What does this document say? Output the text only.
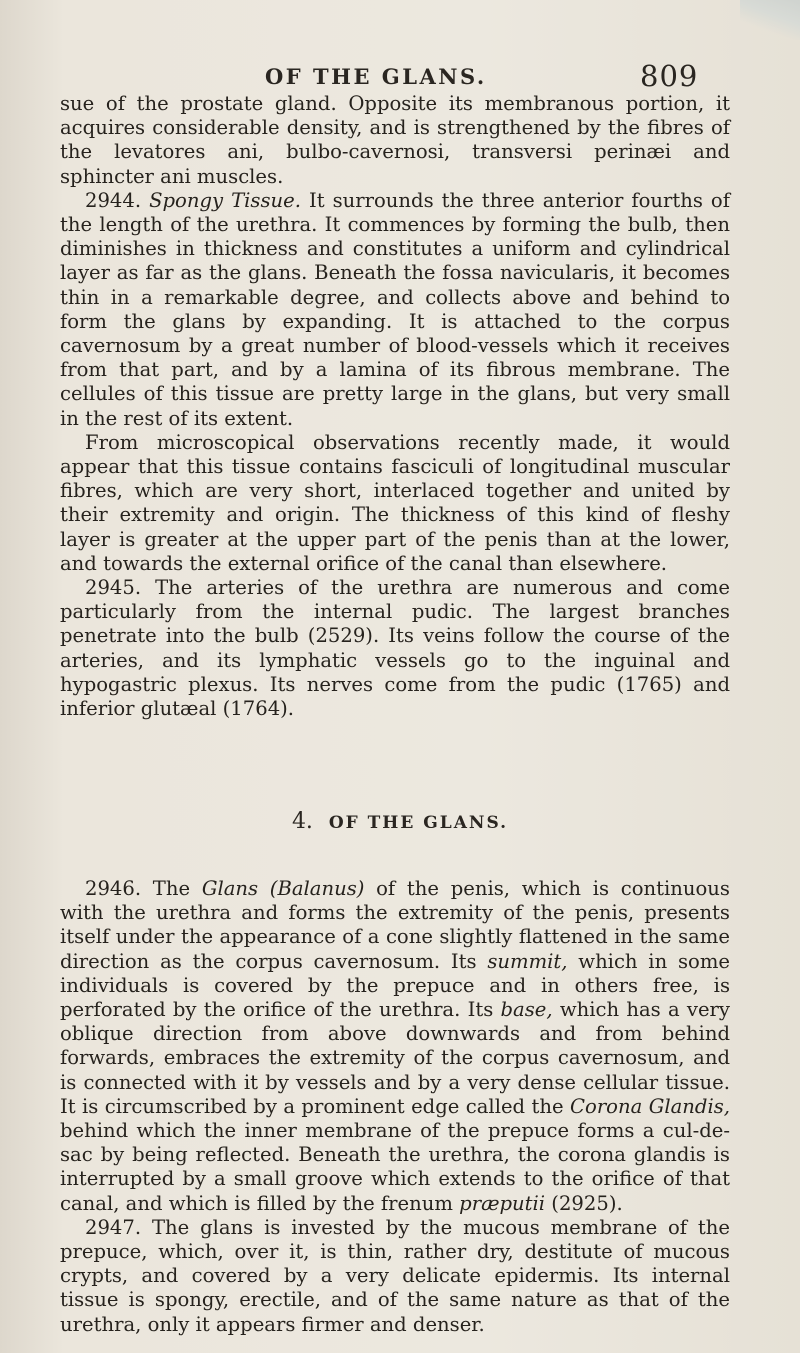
OF THE GLANS.	809

sue of the prostate gland. Opposite its membranous portion, it acquires considerable density, and is strengthened by the fibres of the levatores ani, bulbo-cavernosi, transversi perinæi and sphincter ani muscles.

2944. Spongy Tissue. It surrounds the three anterior fourths of the length of the urethra. It commences by forming the bulb, then diminishes in thickness and constitutes a uniform and cylindrical layer as far as the glans. Beneath the fossa navicularis, it becomes thin in a remarkable degree, and collects above and behind to form the glans by expanding. It is attached to the corpus cavernosum by a great number of blood-vessels which it receives from that part, and by a lamina of its fibrous membrane. The cellules of this tissue are pretty large in the glans, but very small in the rest of its extent.

From microscopical observations recently made, it would appear that this tissue contains fasciculi of longitudinal muscular fibres, which are very short, interlaced together and united by their extremity and origin. The thickness of this kind of fleshy layer is greater at the upper part of the penis than at the lower, and towards the external orifice of the canal than elsewhere.

2945. The arteries of the urethra are numerous and come particularly from the internal pudic. The largest branches penetrate into the bulb (2529). Its veins follow the course of the arteries, and its lymphatic vessels go to the inguinal and hypogastric plexus. Its nerves come from the pudic (1765) and inferior glutæal (1764).

4. OF THE GLANS.

2946. The Glans (Balanus) of the penis, which is continuous with the urethra and forms the extremity of the penis, presents itself under the appearance of a cone slightly flattened in the same direction as the corpus cavernosum. Its summit, which in some individuals is covered by the prepuce and in others free, is perforated by the orifice of the urethra. Its base, which has a very oblique direction from above downwards and from behind forwards, embraces the extremity of the corpus cavernosum, and is connected with it by vessels and by a very dense cellular tissue. It is circumscribed by a prominent edge called the Corona Glandis, behind which the inner membrane of the prepuce forms a cul-de-sac by being reflected. Beneath the urethra, the corona glandis is interrupted by a small groove which extends to the orifice of that canal, and which is filled by the frenum præputii (2925).

2947. The glans is invested by the mucous membrane of the prepuce, which, over it, is thin, rather dry, destitute of mucous crypts, and covered by a very delicate epidermis. Its internal tissue is spongy, erectile, and of the same nature as that of the urethra, only it appears firmer and denser.
